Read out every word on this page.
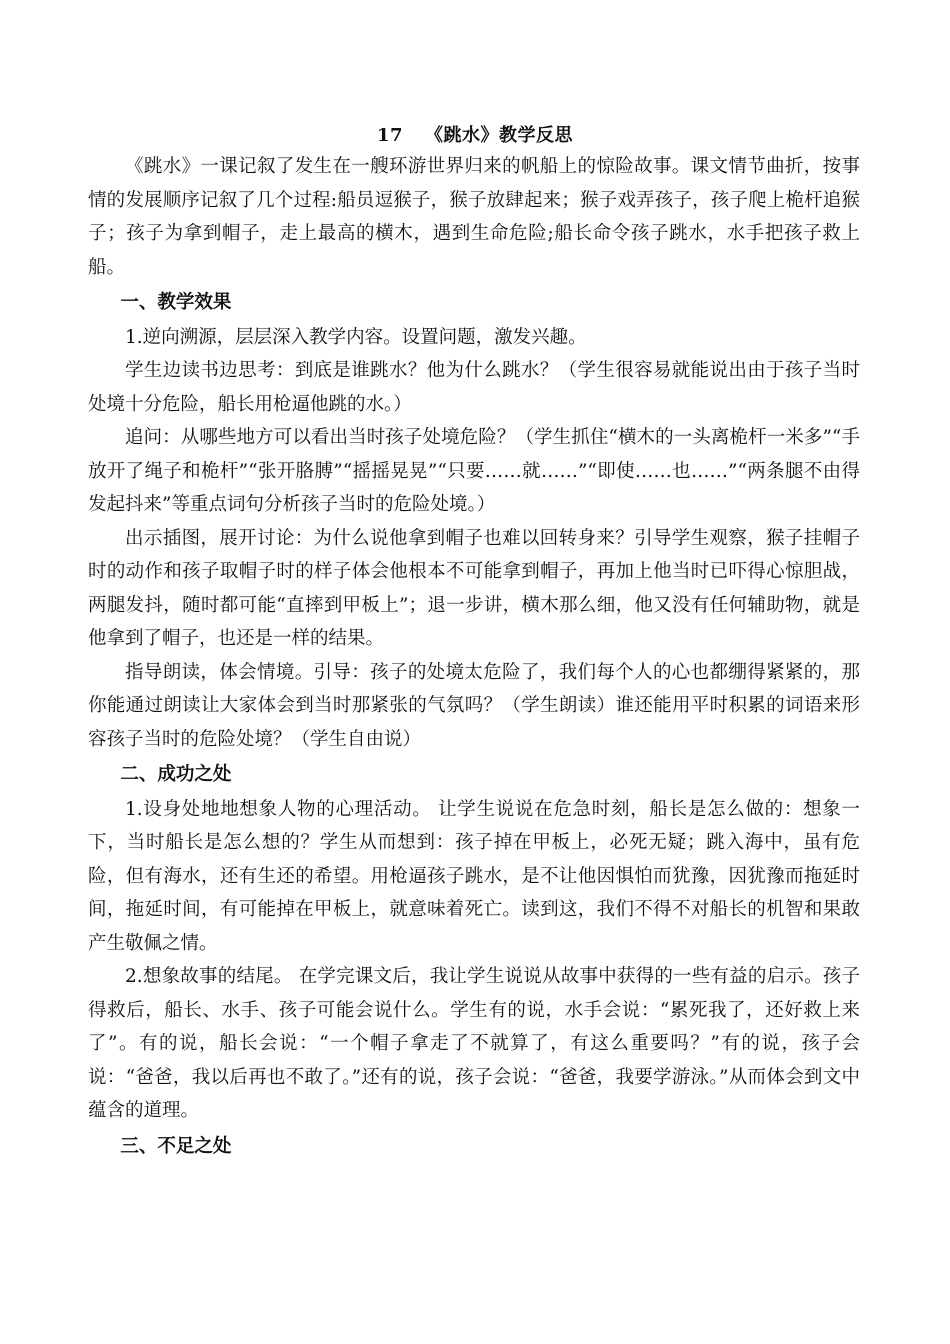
17 《跳水》教学反思

《跳水》一课记叙了发生在一艘环游世界归来的帆船上的惊险故事。课文情节曲折，按事情的发展顺序记叙了几个过程:船员逗猴子，猴子放肆起来；猴子戏弄孩子，孩子爬上桅杆追猴子；孩子为拿到帽子，走上最高的横木，遇到生命危险;船长命令孩子跳水，水手把孩子救上船。

一、教学效果

1.逆向溯源，层层深入教学内容。设置问题，激发兴趣。

学生边读书边思考：到底是谁跳水？他为什么跳水？（学生很容易就能说出由于孩子当时处境十分危险，船长用枪逼他跳的水。）

追问：从哪些地方可以看出当时孩子处境危险？（学生抓住“横木的一头离桅杆一米多”“手放开了绳子和桅杆”“张开胳膊”“摇摇晃晃”“只要……就……”“即使……也……”“两条腿不由得发起抖来”等重点词句分析孩子当时的危险处境。）

出示插图，展开讨论：为什么说他拿到帽子也难以回转身来？引导学生观察，猴子挂帽子时的动作和孩子取帽子时的样子体会他根本不可能拿到帽子，再加上他当时已吓得心惊胆战，两腿发抖，随时都可能“直摔到甲板上”；退一步讲，横木那么细，他又没有任何辅助物，就是他拿到了帽子，也还是一样的结果。

指导朗读，体会情境。引导：孩子的处境太危险了，我们每个人的心也都绷得紧紧的，那你能通过朗读让大家体会到当时那紧张的气氛吗？（学生朗读）谁还能用平时积累的词语来形容孩子当时的危险处境？（学生自由说）

二、成功之处

1.设身处地地想象人物的心理活动。 让学生说说在危急时刻，船长是怎么做的：想象一下，当时船长是怎么想的？学生从而想到：孩子掉在甲板上，必死无疑；跳入海中，虽有危险，但有海水，还有生还的希望。用枪逼孩子跳水，是不让他因惧怕而犹豫，因犹豫而拖延时间，拖延时间，有可能掉在甲板上，就意味着死亡。读到这，我们不得不对船长的机智和果敢产生敬佩之情。

2.想象故事的结尾。 在学完课文后，我让学生说说从故事中获得的一些有益的启示。孩子得救后，船长、水手、孩子可能会说什么。学生有的说，水手会说：“累死我了，还好救上来了”。有的说，船长会说：“一个帽子拿走了不就算了，有这么重要吗？”有的说，孩子会说：“爸爸，我以后再也不敢了。”还有的说，孩子会说：“爸爸，我要学游泳。”从而体会到文中蕴含的道理。

三、不足之处
